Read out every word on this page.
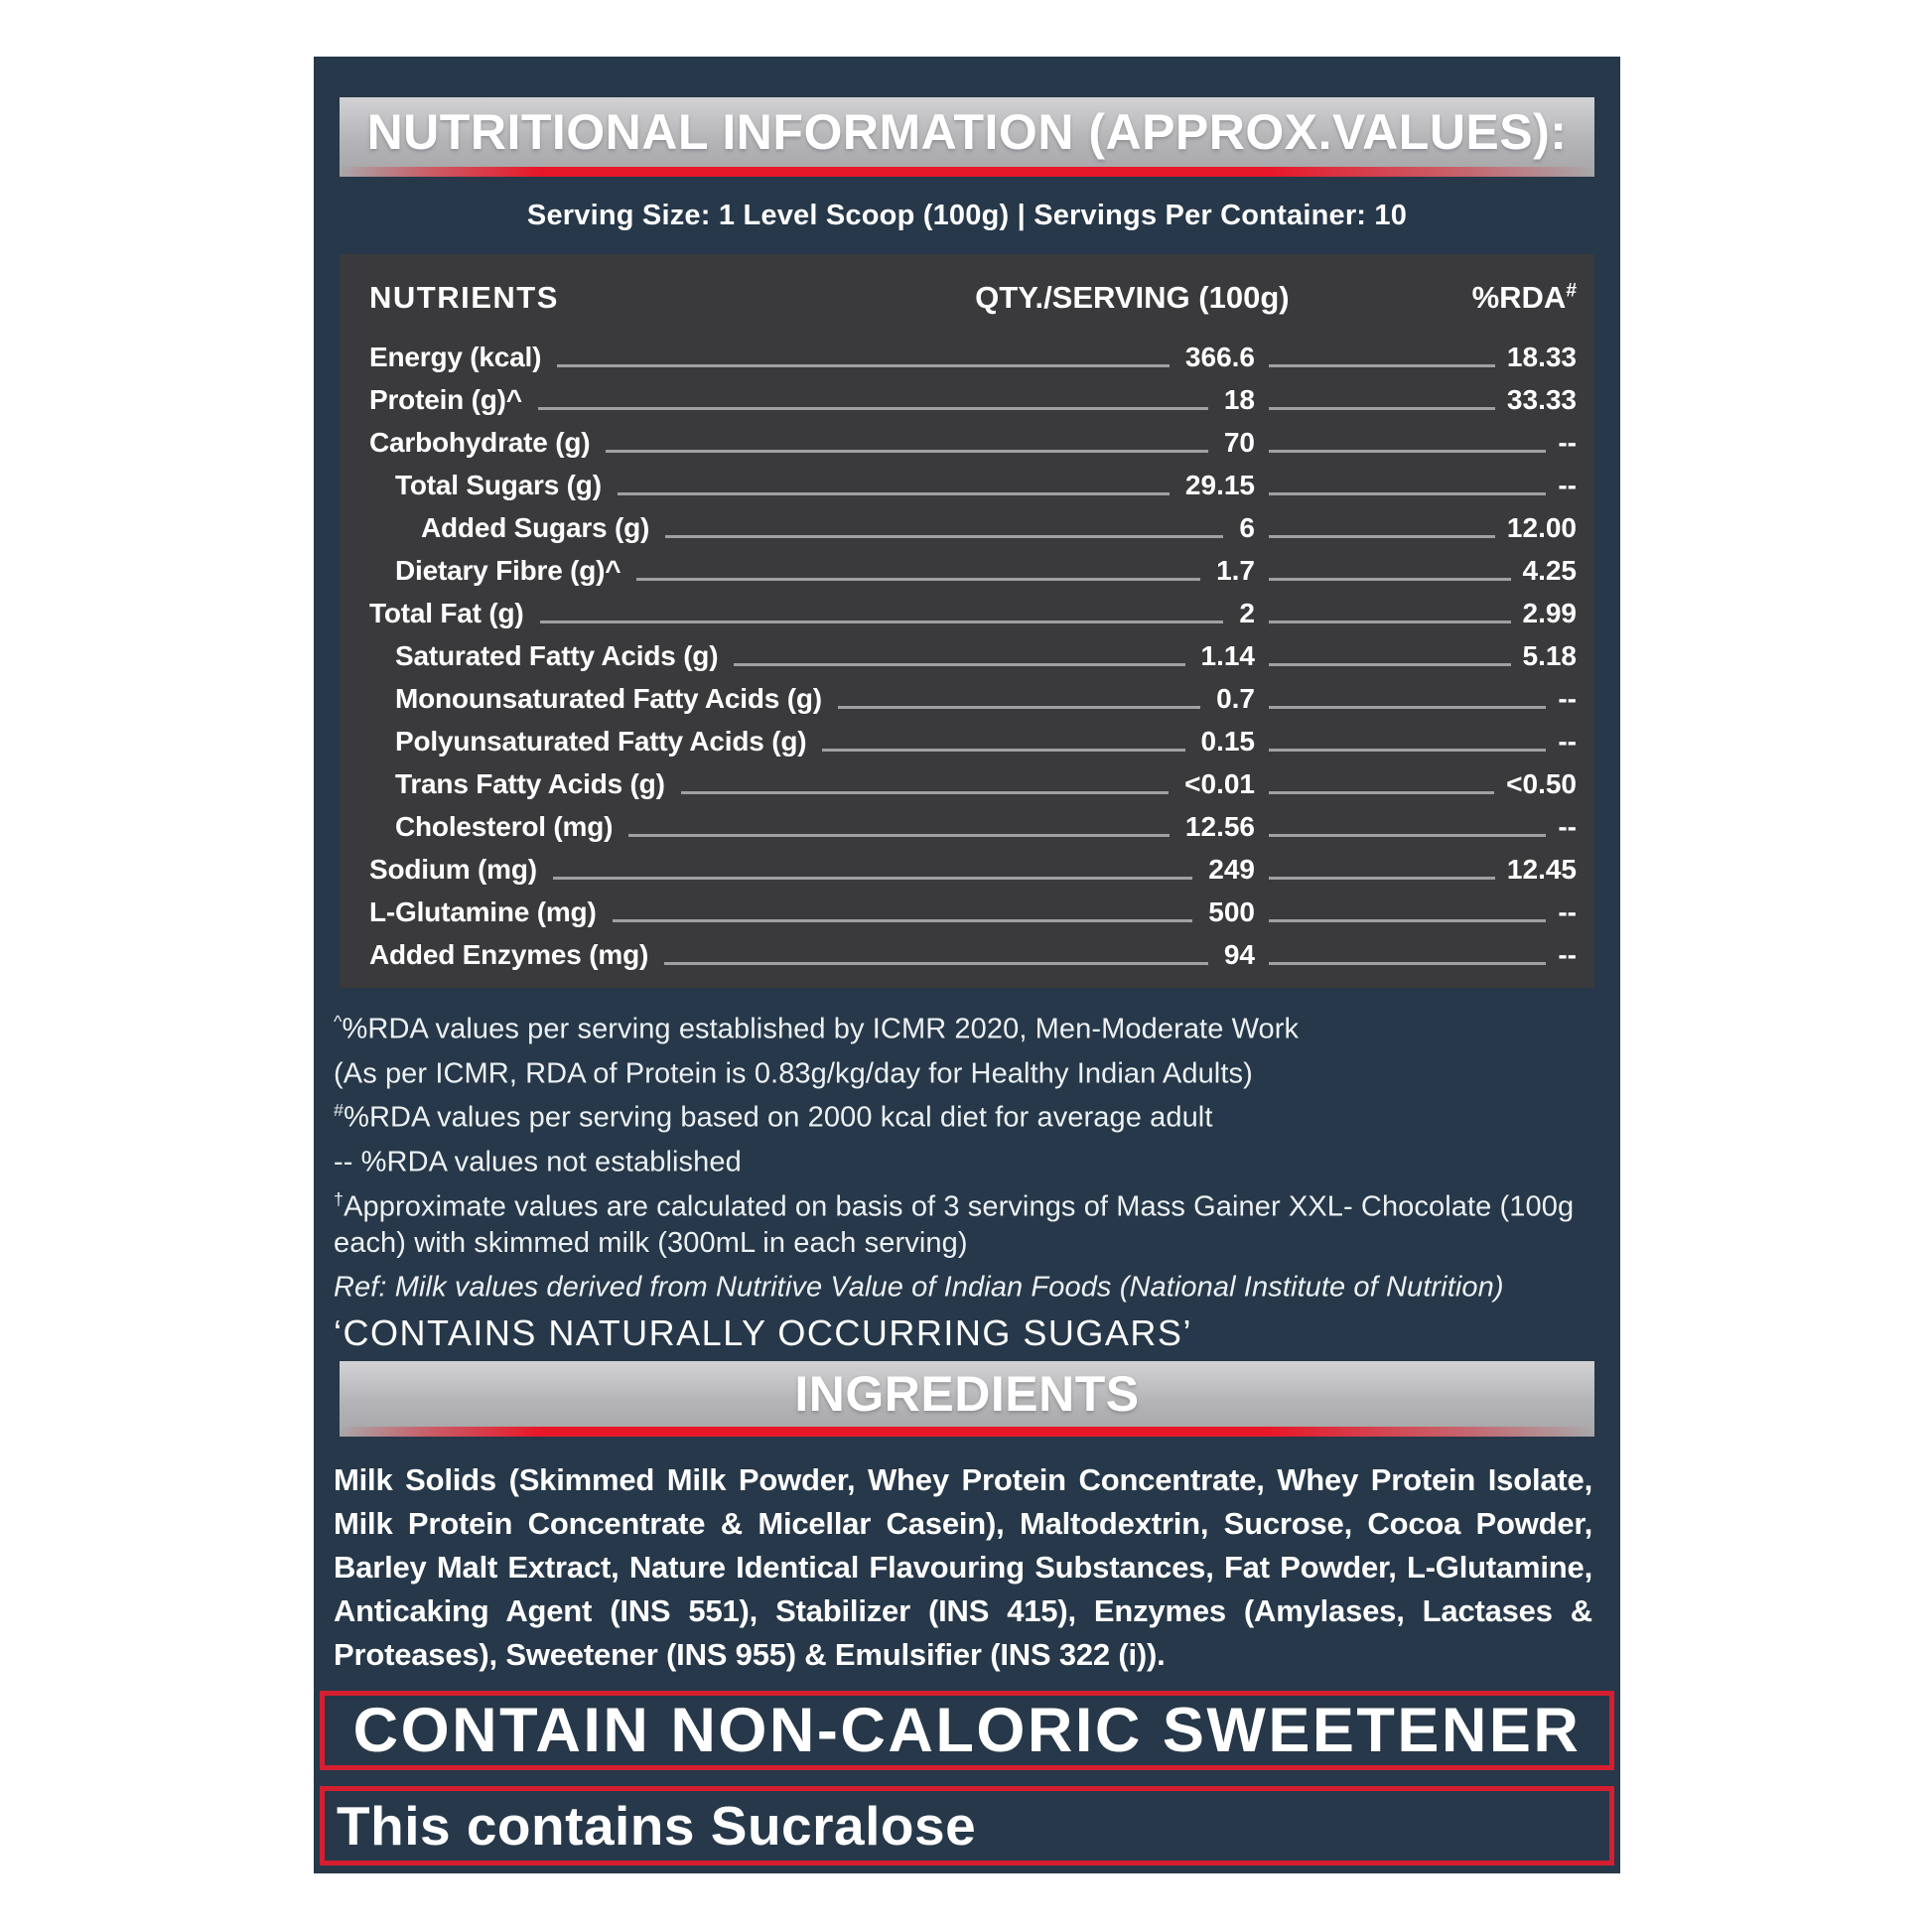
NUTRITIONAL INFORMATION (APPROX.VALUES):
Serving Size: 1 Level Scoop (100g) | Servings Per Container: 10
NUTRIENTS	QTY./SERVING (100g)	%RDA#
Energy (kcal)	366.6	18.33
Protein (g)^	18	33.33
Carbohydrate (g)	70	--
Total Sugars (g)	29.15	--
Added Sugars (g)	6	12.00
Dietary Fibre (g)^	1.7	4.25
Total Fat (g)	2	2.99
Saturated Fatty Acids (g)	1.14	5.18
Monounsaturated Fatty Acids (g)	0.7	--
Polyunsaturated Fatty Acids (g)	0.15	--
Trans Fatty Acids (g)	<0.01	<0.50
Cholesterol (mg)	12.56	--
Sodium (mg)	249	12.45
L-Glutamine (mg)	500	--
Added Enzymes (mg)	94	--
^%RDA values per serving established by ICMR 2020, Men-Moderate Work
(As per ICMR, RDA of Protein is 0.83g/kg/day for Healthy Indian Adults)
#%RDA values per serving based on 2000 kcal diet for average adult
-- %RDA values not established
†Approximate values are calculated on basis of 3 servings of Mass Gainer XXL- Chocolate (100g each) with skimmed milk (300mL in each serving)
Ref: Milk values derived from Nutritive Value of Indian Foods (National Institute of Nutrition)
‘CONTAINS NATURALLY OCCURRING SUGARS’
INGREDIENTS

Milk Solids (Skimmed Milk Powder, Whey Protein Concentrate, Whey Protein Isolate, Milk Protein Concentrate & Micellar Casein), Maltodextrin, Sucrose, Cocoa Powder, Barley Malt Extract, Nature Identical Flavouring Substances, Fat Powder, L-Glutamine, Anticaking Agent (INS 551), Stabilizer (INS 415), Enzymes (Amylases, Lactases & Proteases), Sweetener (INS 955) & Emulsifier (INS 322 (i)).

CONTAIN NON-CALORIC SWEETENER
This contains Sucralose
Bright Lifecare Pvt. Ltd. CPCB REGN. No. BO-23-000-08-AAECB5311J-23
